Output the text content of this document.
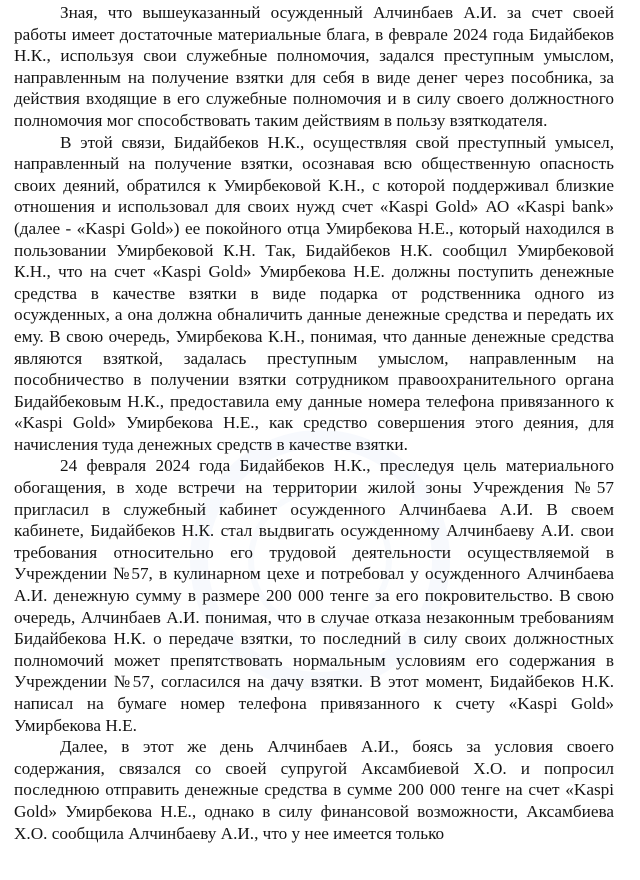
Зная, что вышеуказанный осужденный Алчинбаев А.И. за счет своей работы имеет достаточные материальные блага, в феврале 2024 года Бидайбеков Н.К., используя свои служебные полномочия, задался преступным умыслом, направленным на получение взятки для себя в виде денег через пособника, за действия входящие в его служебные полномочия и в силу своего должностного полномочия мог способствовать таким действиям в пользу взяткодателя.

В этой связи, Бидайбеков Н.К., осуществляя свой преступный умысел, направленный на получение взятки, осознавая всю общественную опасность своих деяний, обратился к Умирбековой К.Н., с которой поддерживал близкие отношения и использовал для своих нужд счет «Kaspi Gold» АО «Kaspi bank» (далее - «Kaspi Gold») ее покойного отца Умирбекова Н.Е., который находился в пользовании Умирбековой К.Н. Так, Бидайбеков Н.К. сообщил Умирбековой К.Н., что на счет «Kaspi Gold» Умирбекова Н.Е. должны поступить денежные средства в качестве взятки в виде подарка от родственника одного из осужденных, а она должна обналичить данные денежные средства и передать их ему. В свою очередь, Умирбекова К.Н., понимая, что данные денежные средства являются взяткой, задалась преступным умыслом, направленным на пособничество в получении взятки сотрудником правоохранительного органа Бидайбековым Н.К., предоставила ему данные номера телефона привязанного к «Kaspi Gold» Умирбекова Н.Е., как средство совершения этого деяния, для начисления туда денежных средств в качестве взятки.

24 февраля 2024 года Бидайбеков Н.К., преследуя цель материального обогащения, в ходе встречи на территории жилой зоны Учреждения №57 пригласил в служебный кабинет осужденного Алчинбаева А.И. В своем кабинете, Бидайбеков Н.К. стал выдвигать осужденному Алчинбаеву А.И. свои требования относительно его трудовой деятельности осуществляемой в Учреждении №57, в кулинарном цехе и потребовал у осужденного Алчинбаева А.И. денежную сумму в размере 200 000 тенге за его покровительство. В свою очередь, Алчинбаев А.И. понимая, что в случае отказа незаконным требованиям Бидайбекова Н.К. о передаче взятки, то последний в силу своих должностных полномочий может препятствовать нормальным условиям его содержания в Учреждении №57, согласился на дачу взятки. В этот момент, Бидайбеков Н.К. написал на бумаге номер телефона привязанного к счету «Kaspi Gold» Умирбекова Н.Е.

Далее, в этот же день Алчинбаев А.И., боясь за условия своего содержания, связался со своей супругой Аксамбиевой Х.О. и попросил последнюю отправить денежные средства в сумме 200 000 тенге на счет «Kaspi Gold» Умирбекова Н.Е., однако в силу финансовой возможности, Аксамбиева Х.О. сообщила Алчинбаеву А.И., что у нее имеется только
